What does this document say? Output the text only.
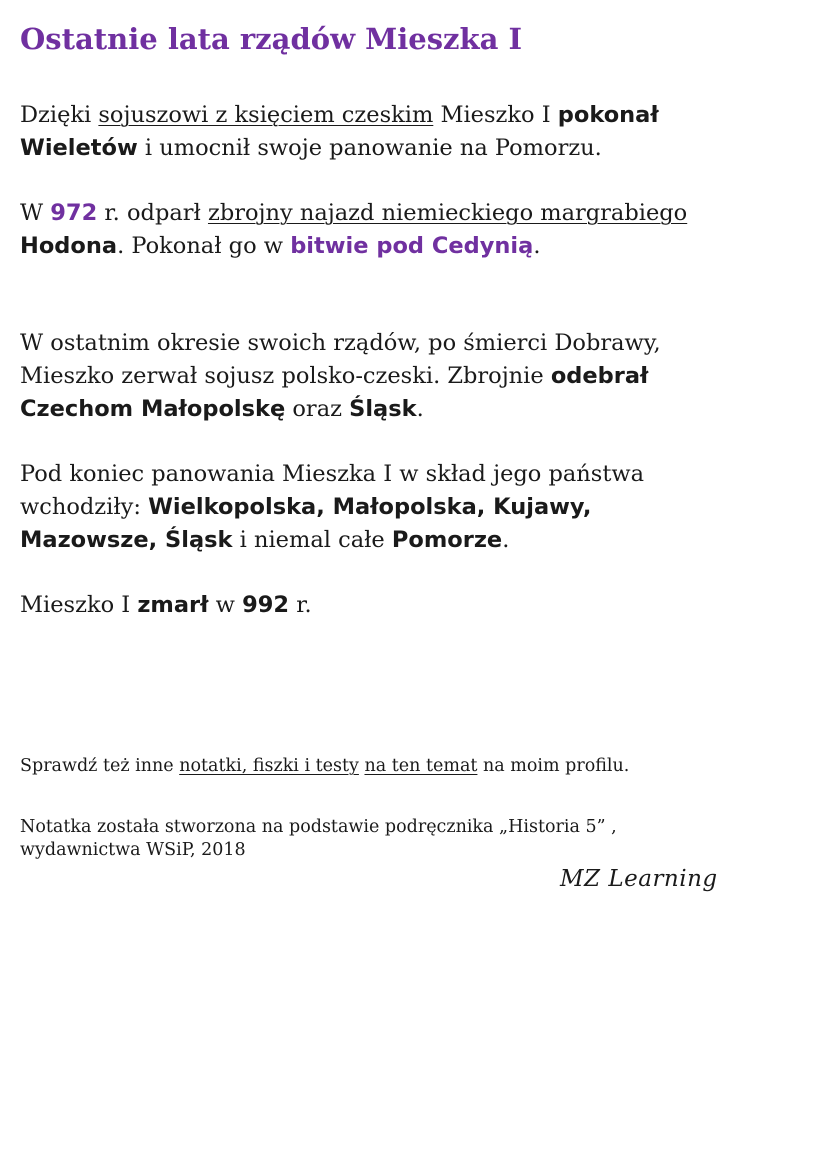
Ostatnie lata rządów Mieszka I

Dzięki sojuszowi z księciem czeskim Mieszko I pokonał
Wieletów i umocnił swoje panowanie na Pomorzu.

W 972 r. odparł zbrojny najazd niemieckiego margrabiego
Hodona. Pokonał go w bitwie pod Cedynią.

W ostatnim okresie swoich rządów, po śmierci Dobrawy,
Mieszko zerwał sojusz polsko-czeski. Zbrojnie odebrał
Czechom Małopolskę oraz Śląsk.

Pod koniec panowania Mieszka I w skład jego państwa
wchodziły: Wielkopolska, Małopolska, Kujawy,
Mazowsze, Śląsk i niemal całe Pomorze.

Mieszko I zmarł w 992 r.

Sprawdź też inne notatki, fiszki i testy na ten temat na moim profilu.

Notatka została stworzona na podstawie podręcznika „Historia 5” ,
wydawnictwa WSiP, 2018

MZ Learning
